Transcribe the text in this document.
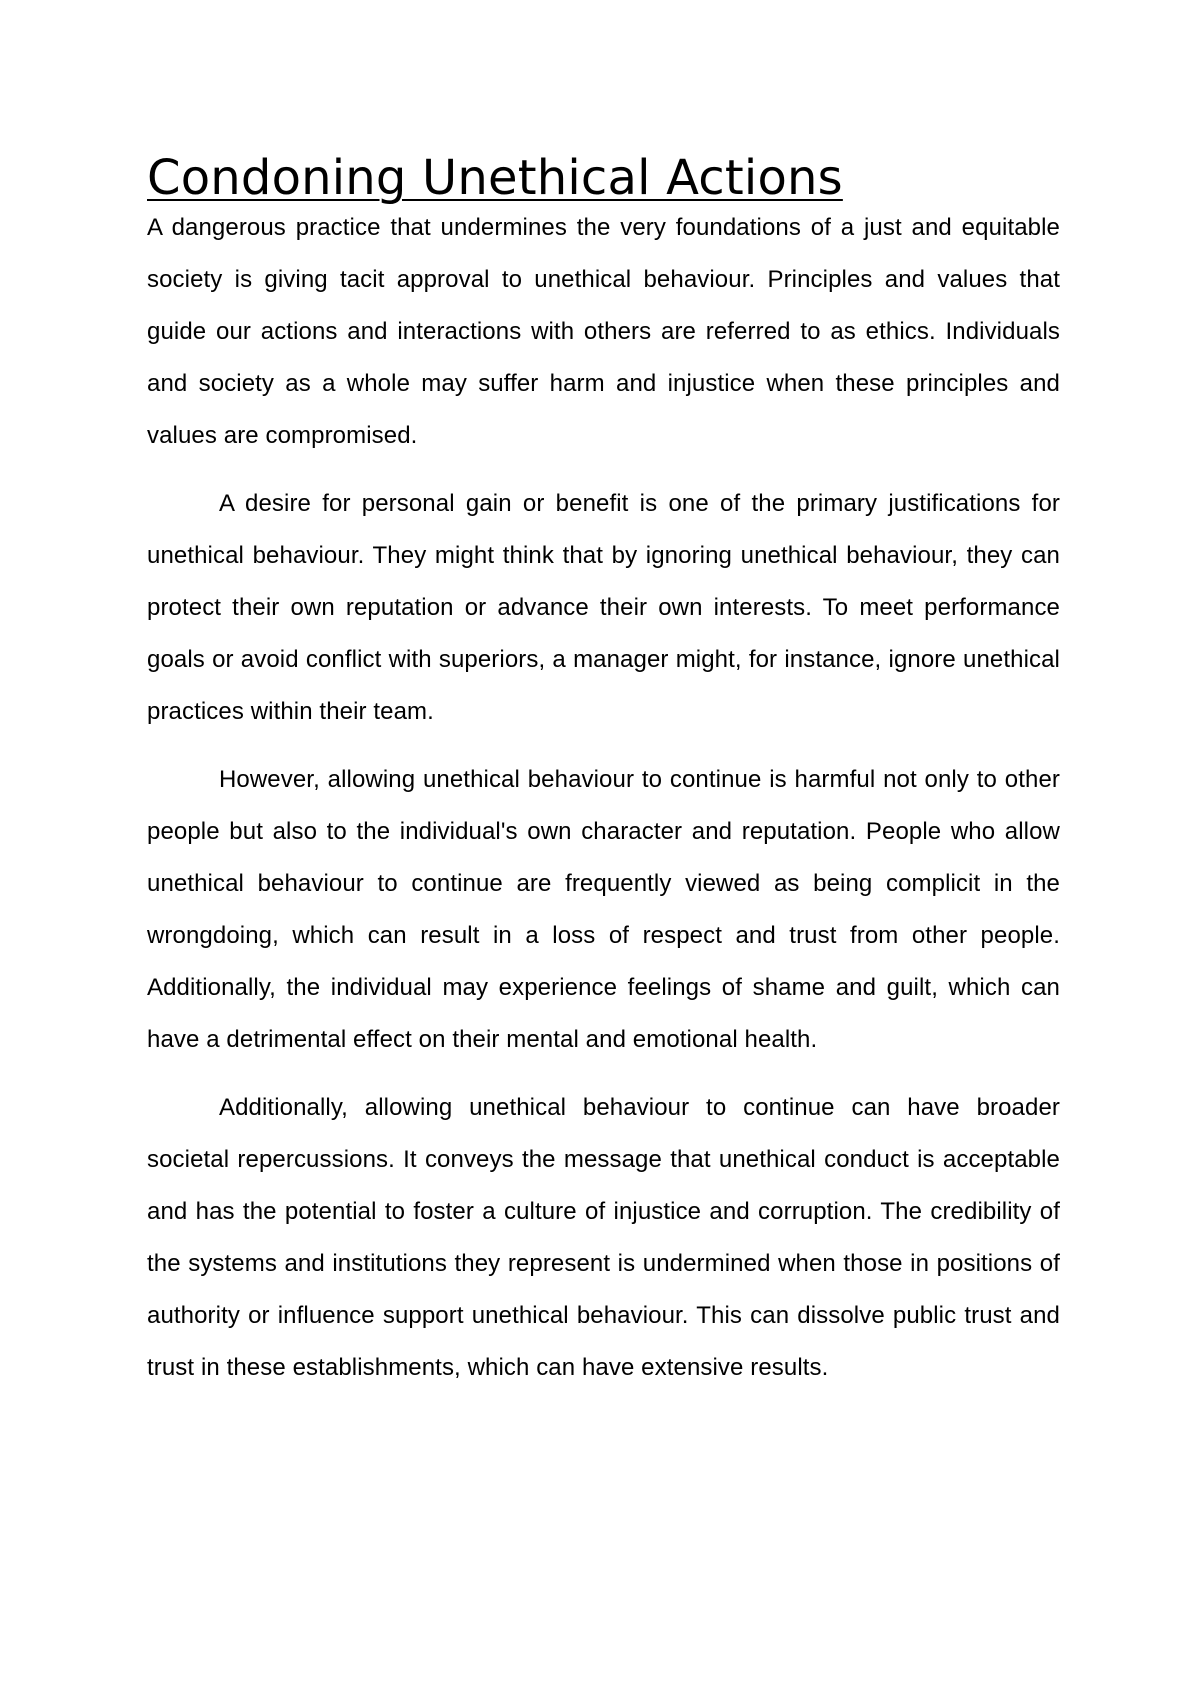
Condoning Unethical Actions

A dangerous practice that undermines the very foundations of a just and equitable society is giving tacit approval to unethical behaviour. Principles and values that guide our actions and interactions with others are referred to as ethics. Individuals and society as a whole may suffer harm and injustice when these principles and values are compromised.

A desire for personal gain or benefit is one of the primary justifications for unethical behaviour. They might think that by ignoring unethical behaviour, they can protect their own reputation or advance their own interests. To meet performance goals or avoid conflict with superiors, a manager might, for instance, ignore unethical practices within their team.

However, allowing unethical behaviour to continue is harmful not only to other people but also to the individual's own character and reputation. People who allow unethical behaviour to continue are frequently viewed as being complicit in the wrongdoing, which can result in a loss of respect and trust from other people. Additionally, the individual may experience feelings of shame and guilt, which can have a detrimental effect on their mental and emotional health.

Additionally, allowing unethical behaviour to continue can have broader societal repercussions. It conveys the message that unethical conduct is acceptable and has the potential to foster a culture of injustice and corruption. The credibility of the systems and institutions they represent is undermined when those in positions of authority or influence support unethical behaviour. This can dissolve public trust and trust in these establishments, which can have extensive results.
